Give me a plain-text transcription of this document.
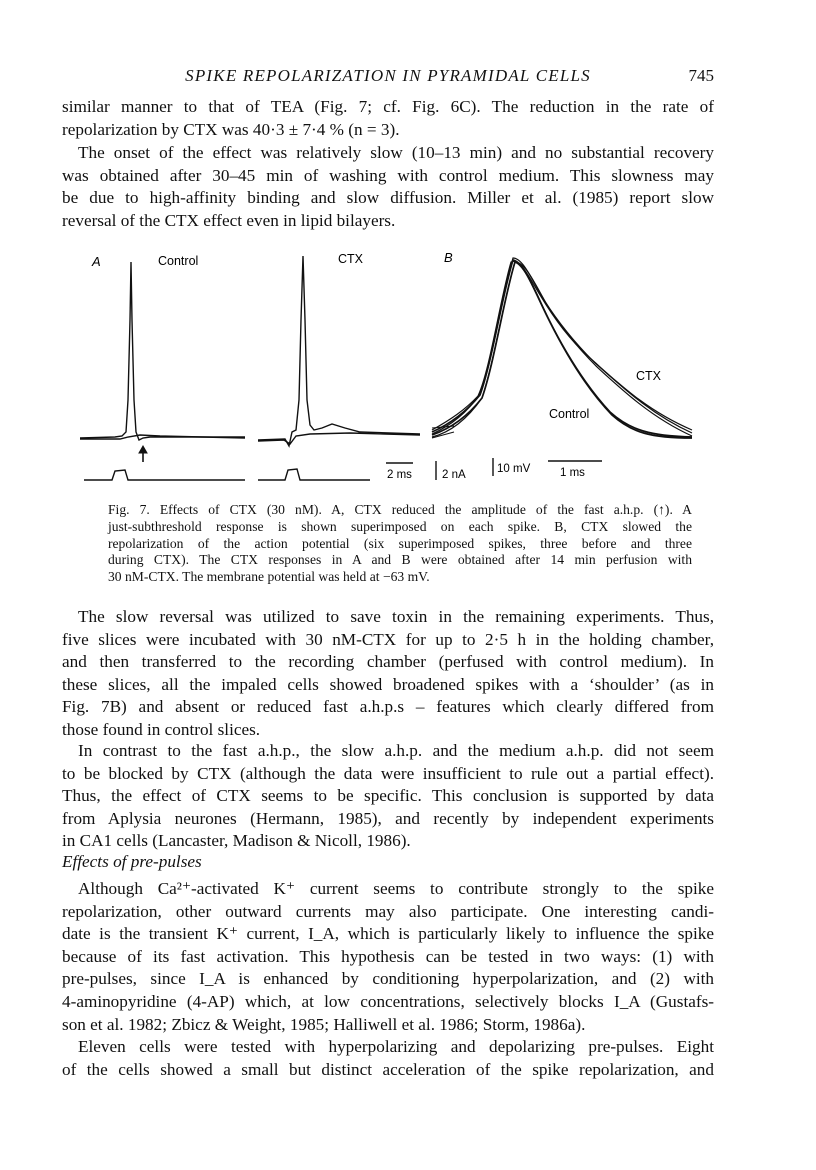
SPIKE REPOLARIZATION IN PYRAMIDAL CELLS	745
similar manner to that of TEA (Fig. 7; cf. Fig. 6C). The reduction in the rate of
repolarization by CTX was 40·3 ± 7·4 % (n = 3).
The onset of the effect was relatively slow (10–13 min) and no substantial recovery
was obtained after 30–45 min of washing with control medium. This slowness may
be due to high-affinity binding and slow diffusion. Miller et al. (1985) report slow
reversal of the CTX effect even in lipid bilayers.
A	Control	CTX	B
2 ms	2 nA	10 mV	1 ms
CTX
Control
Fig. 7. Effects of CTX (30 nM). A, CTX reduced the amplitude of the fast a.h.p. (↑). A
just-subthreshold response is shown superimposed on each spike. B, CTX slowed the
repolarization of the action potential (six superimposed spikes, three before and three
during CTX). The CTX responses in A and B were obtained after 14 min perfusion with
30 nM-CTX. The membrane potential was held at −63 mV.
The slow reversal was utilized to save toxin in the remaining experiments. Thus,
five slices were incubated with 30 nM-CTX for up to 2·5 h in the holding chamber,
and then transferred to the recording chamber (perfused with control medium). In
these slices, all the impaled cells showed broadened spikes with a ‘shoulder’ (as in
Fig. 7B) and absent or reduced fast a.h.p.s – features which clearly differed from
those found in control slices.
In contrast to the fast a.h.p., the slow a.h.p. and the medium a.h.p. did not seem
to be blocked by CTX (although the data were insufficient to rule out a partial effect).
Thus, the effect of CTX seems to be specific. This conclusion is supported by data
from Aplysia neurones (Hermann, 1985), and recently by independent experiments
in CA1 cells (Lancaster, Madison & Nicoll, 1986).
Effects of pre-pulses
Although Ca²⁺-activated K⁺ current seems to contribute strongly to the spike
repolarization, other outward currents may also participate. One interesting candi-
date is the transient K⁺ current, I_A, which is particularly likely to influence the spike
because of its fast activation. This hypothesis can be tested in two ways: (1) with
pre-pulses, since I_A is enhanced by conditioning hyperpolarization, and (2) with
4-aminopyridine (4-AP) which, at low concentrations, selectively blocks I_A (Gustafs-
son et al. 1982; Zbicz & Weight, 1985; Halliwell et al. 1986; Storm, 1986a).
Eleven cells were tested with hyperpolarizing and depolarizing pre-pulses. Eight
of the cells showed a small but distinct acceleration of the spike repolarization, and
